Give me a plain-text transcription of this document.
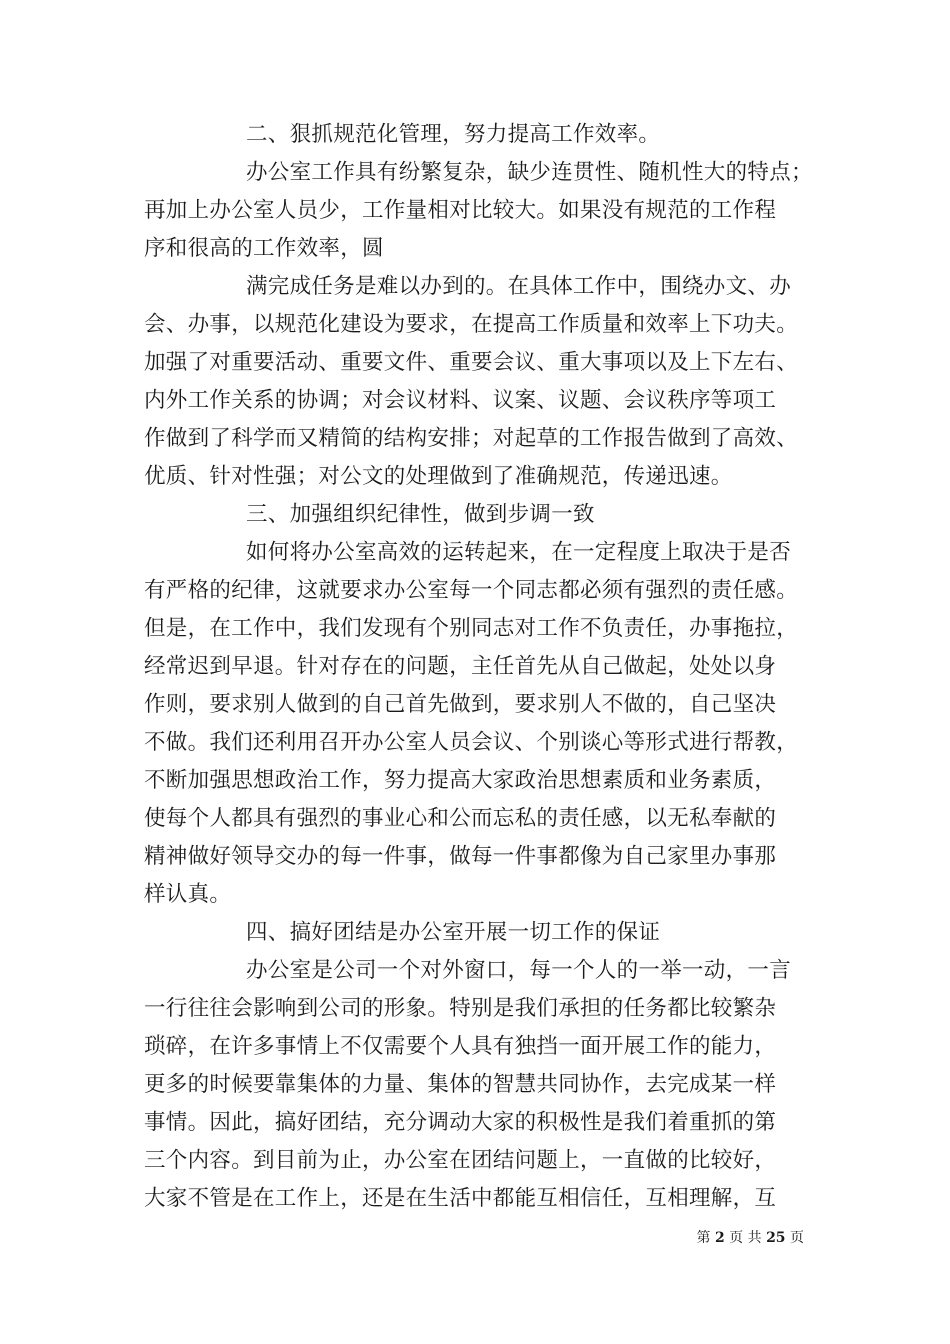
二、狠抓规范化管理，努力提高工作效率。
办公室工作具有纷繁复杂，缺少连贯性、随机性大的特点；
再加上办公室人员少，工作量相对比较大。如果没有规范的工作程
序和很高的工作效率，圆
满完成任务是难以办到的。在具体工作中，围绕办文、办
会、办事，以规范化建设为要求，在提高工作质量和效率上下功夫。
加强了对重要活动、重要文件、重要会议、重大事项以及上下左右、
内外工作关系的协调；对会议材料、议案、议题、会议秩序等项工
作做到了科学而又精简的结构安排；对起草的工作报告做到了高效、
优质、针对性强；对公文的处理做到了准确规范，传递迅速。
三、加强组织纪律性，做到步调一致
如何将办公室高效的运转起来，在一定程度上取决于是否
有严格的纪律，这就要求办公室每一个同志都必须有强烈的责任感。
但是，在工作中，我们发现有个别同志对工作不负责任，办事拖拉，
经常迟到早退。针对存在的问题，主任首先从自己做起，处处以身
作则，要求别人做到的自己首先做到，要求别人不做的，自己坚决
不做。我们还利用召开办公室人员会议、个别谈心等形式进行帮教，
不断加强思想政治工作，努力提高大家政治思想素质和业务素质，
使每个人都具有强烈的事业心和公而忘私的责任感，以无私奉献的
精神做好领导交办的每一件事，做每一件事都像为自己家里办事那
样认真。
四、搞好团结是办公室开展一切工作的保证
办公室是公司一个对外窗口，每一个人的一举一动，一言
一行往往会影响到公司的形象。特别是我们承担的任务都比较繁杂
琐碎，在许多事情上不仅需要个人具有独挡一面开展工作的能力，
更多的时候要靠集体的力量、集体的智慧共同协作，去完成某一样
事情。因此，搞好团结，充分调动大家的积极性是我们着重抓的第
三个内容。到目前为止，办公室在团结问题上，一直做的比较好，
大家不管是在工作上，还是在生活中都能互相信任，互相理解，互
第 2 页 共 25 页
